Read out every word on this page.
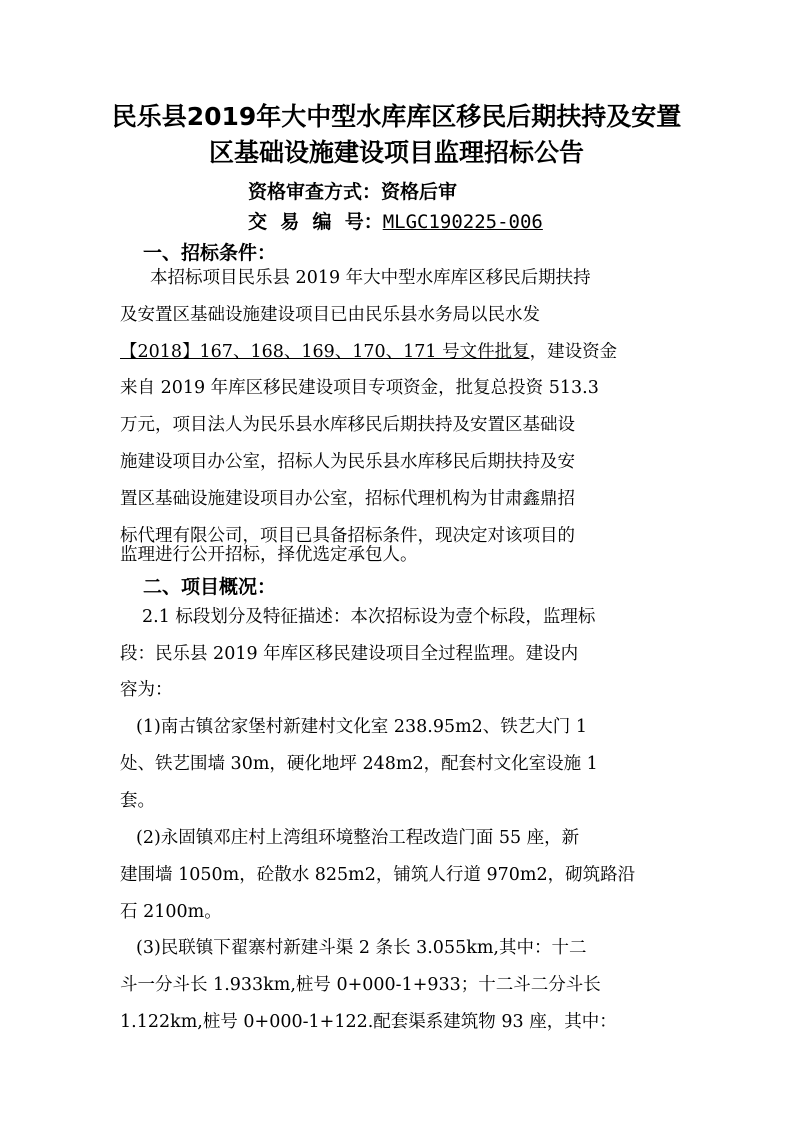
民乐县2019年大中型水库库区移民后期扶持及安置
区基础设施建设项目监理招标公告
资格审查方式：资格后审
交  易  编  号：MLGC190225-006
一、招标条件：
本招标项目民乐县 2019 年大中型水库库区移民后期扶持
及安置区基础设施建设项目已由民乐县水务局以民水发
【2018】167、168、169、170、171 号文件批复，建设资金
来自 2019 年库区移民建设项目专项资金，批复总投资 513.3
万元，项目法人为民乐县水库移民后期扶持及安置区基础设
施建设项目办公室，招标人为民乐县水库移民后期扶持及安
置区基础设施建设项目办公室，招标代理机构为甘肃鑫鼎招
标代理有限公司，项目已具备招标条件，现决定对该项目的
二、项目概况：
监理进行公开招标，择优选定承包人。
2.1 标段划分及特征描述：本次招标设为壹个标段，监理标
段：民乐县 2019 年库区移民建设项目全过程监理。建设内
容为：
(1)南古镇岔家堡村新建村文化室 238.95m2、铁艺大门 1
处、铁艺围墙 30m，硬化地坪 248m2，配套村文化室设施 1
套。
(2)永固镇邓庄村上湾组环境整治工程改造门面 55 座，新
建围墙 1050m，砼散水 825m2，铺筑人行道 970m2，砌筑路沿
石 2100m。
(3)民联镇下翟寨村新建斗渠 2 条长 3.055km,其中：十二
斗一分斗长 1.933km,桩号 0+000-1+933；十二斗二分斗长
1.122km,桩号 0+000-1+122.配套渠系建筑物 93 座，其中：
